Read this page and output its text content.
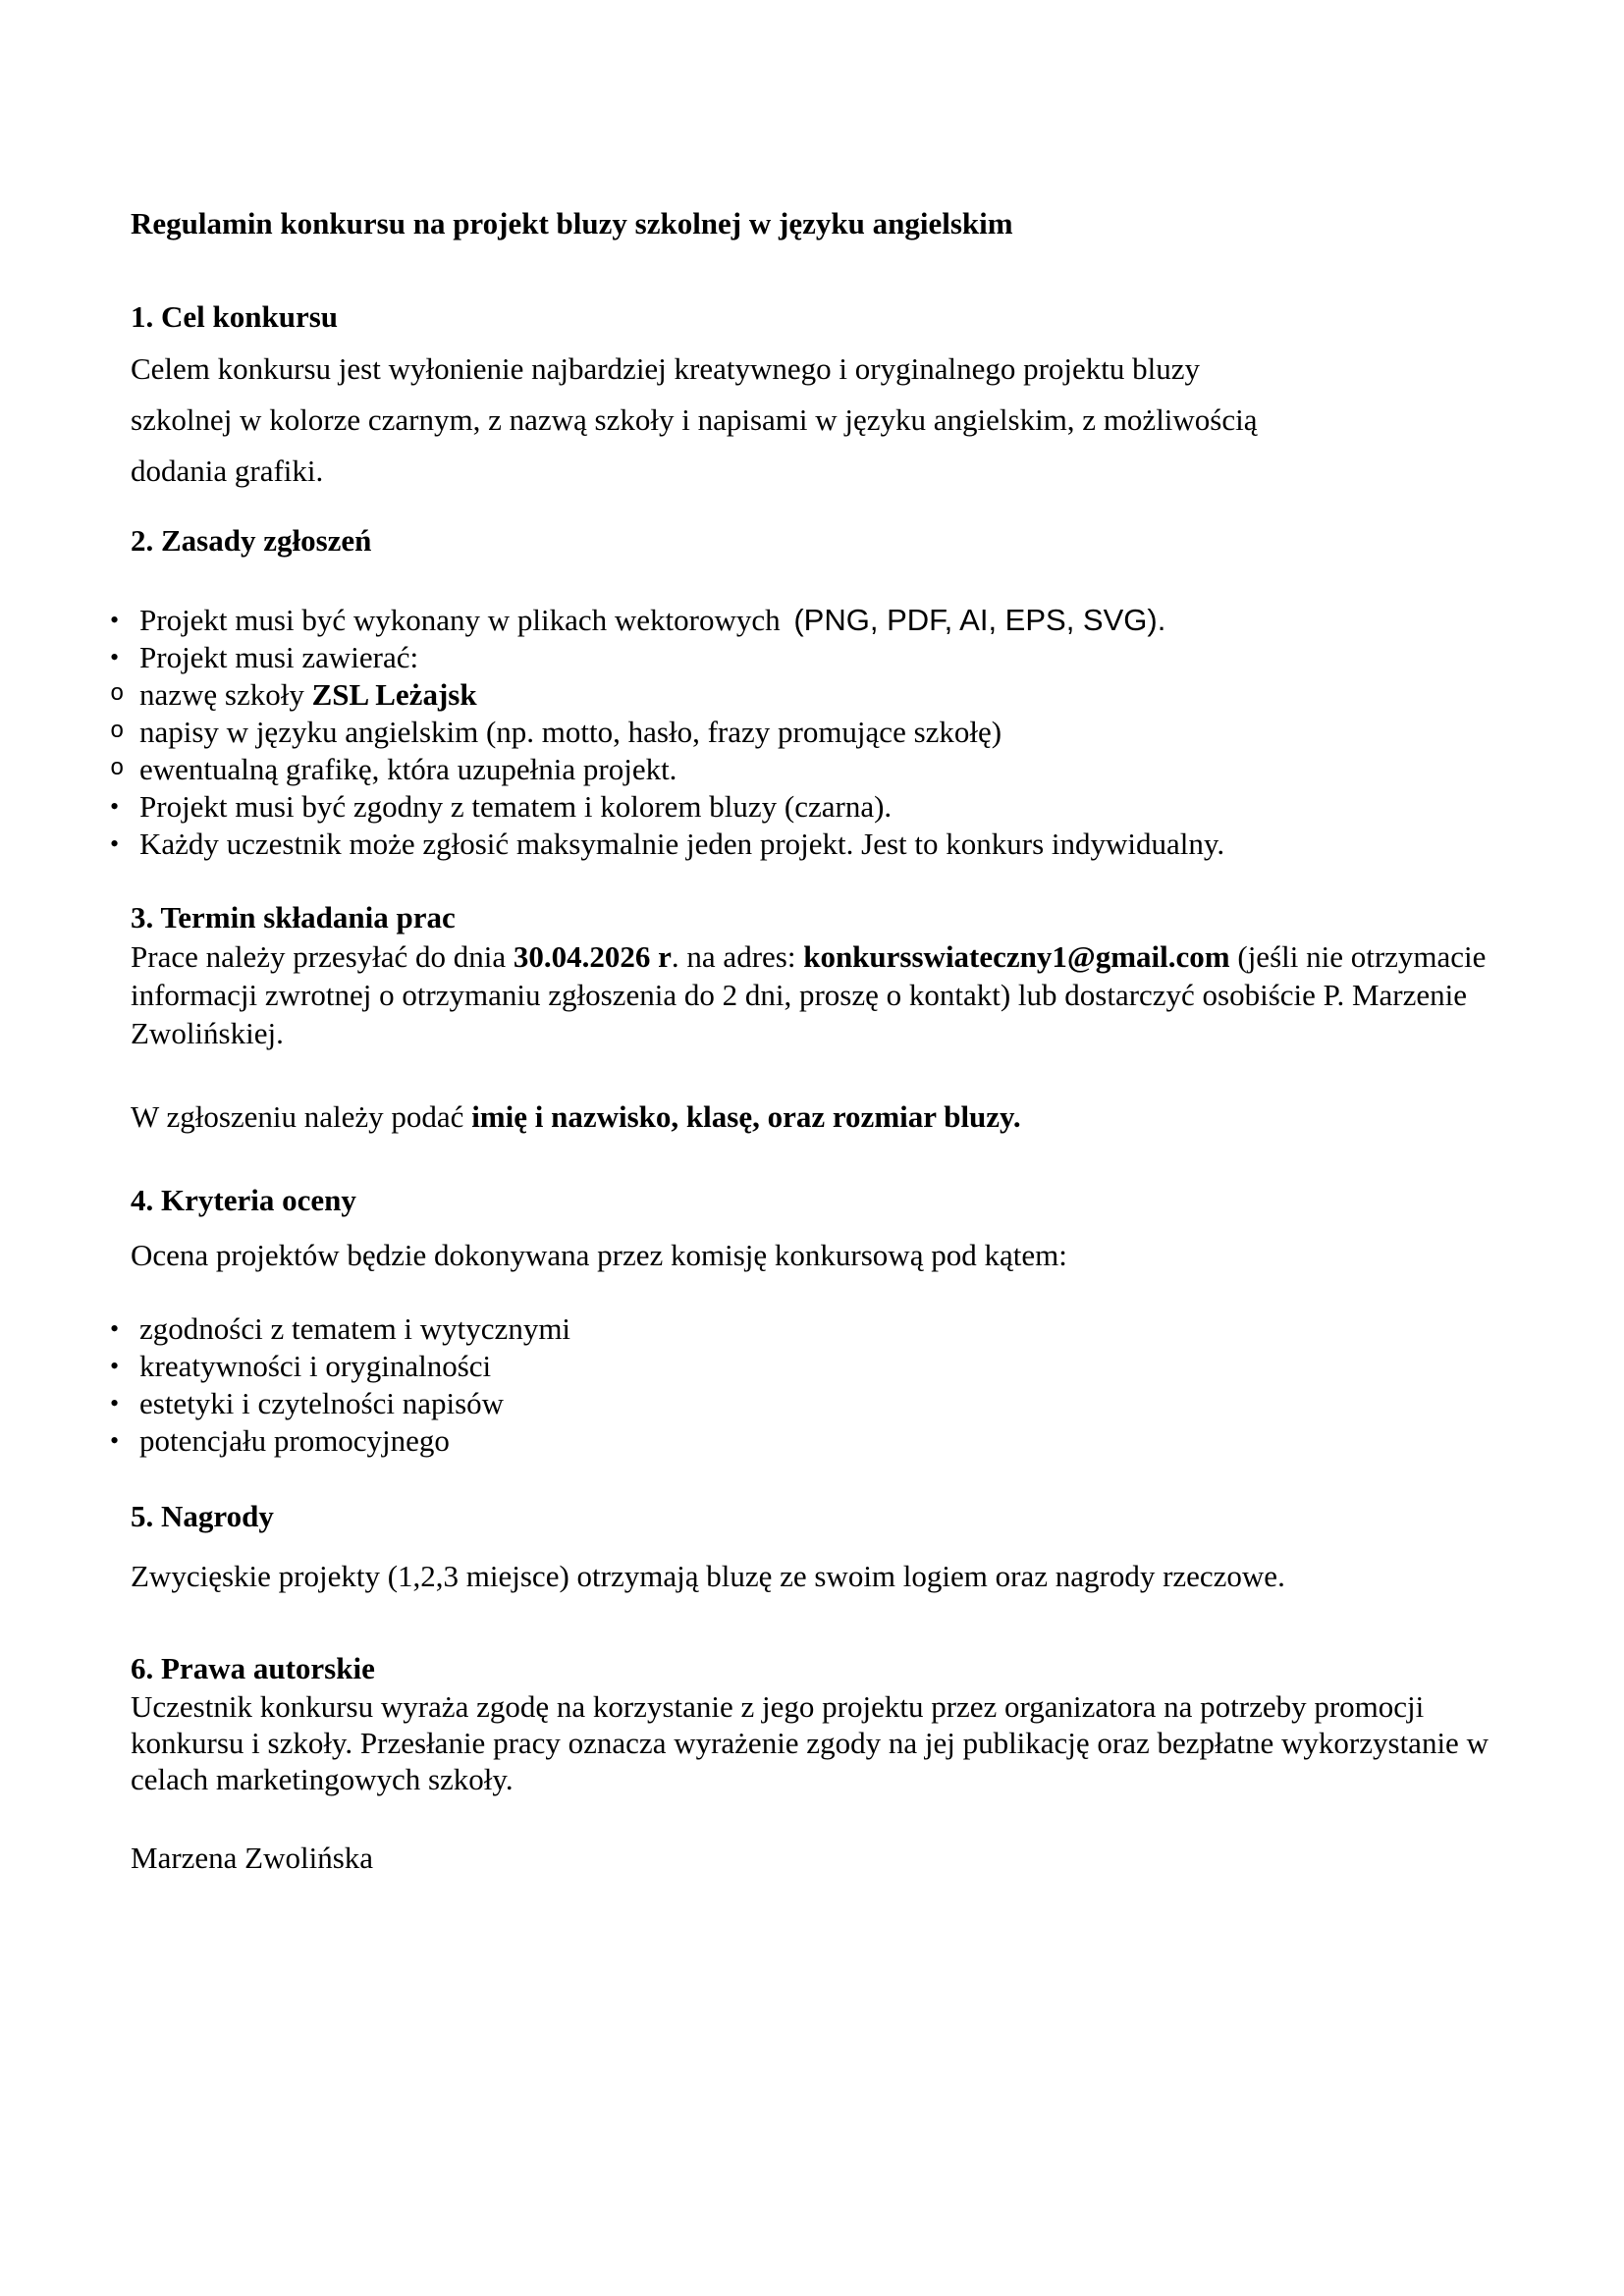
Regulamin konkursu na projekt bluzy szkolnej w języku angielskim
1. Cel konkursu
Celem konkursu jest wyłonienie najbardziej kreatywnego i oryginalnego projektu bluzy szkolnej w kolorze czarnym, z nazwą szkoły i napisami w języku angielskim, z możliwością dodania grafiki.
2. Zasady zgłoszeń
• Projekt musi być wykonany w plikach wektorowych (PNG, PDF, AI, EPS, SVG).
• Projekt musi zawierać:
o nazwę szkoły ZSL Leżajsk
o napisy w języku angielskim (np. motto, hasło, frazy promujące szkołę)
o ewentualną grafikę, która uzupełnia projekt.
• Projekt musi być zgodny z tematem i kolorem bluzy (czarna).
• Każdy uczestnik może zgłosić maksymalnie jeden projekt. Jest to konkurs indywidualny.
3. Termin składania prac
Prace należy przesyłać do dnia 30.04.2026 r. na adres: konkursswiateczny1@gmail.com (jeśli nie otrzymacie informacji zwrotnej o otrzymaniu zgłoszenia do 2 dni, proszę o kontakt) lub dostarczyć osobiście P. Marzenie Zwolińskiej.
W zgłoszeniu należy podać imię i nazwisko, klasę, oraz rozmiar bluzy.
4. Kryteria oceny
Ocena projektów będzie dokonywana przez komisję konkursową pod kątem:
• zgodności z tematem i wytycznymi
• kreatywności i oryginalności
• estetyki i czytelności napisów
• potencjału promocyjnego
5. Nagrody
Zwycięskie projekty (1,2,3 miejsce) otrzymają bluzę ze swoim logiem oraz nagrody rzeczowe.
6. Prawa autorskie
Uczestnik konkursu wyraża zgodę na korzystanie z jego projektu przez organizatora na potrzeby promocji konkursu i szkoły. Przesłanie pracy oznacza wyrażenie zgody na jej publikację oraz bezpłatne wykorzystanie w celach marketingowych szkoły.
Marzena Zwolińska
